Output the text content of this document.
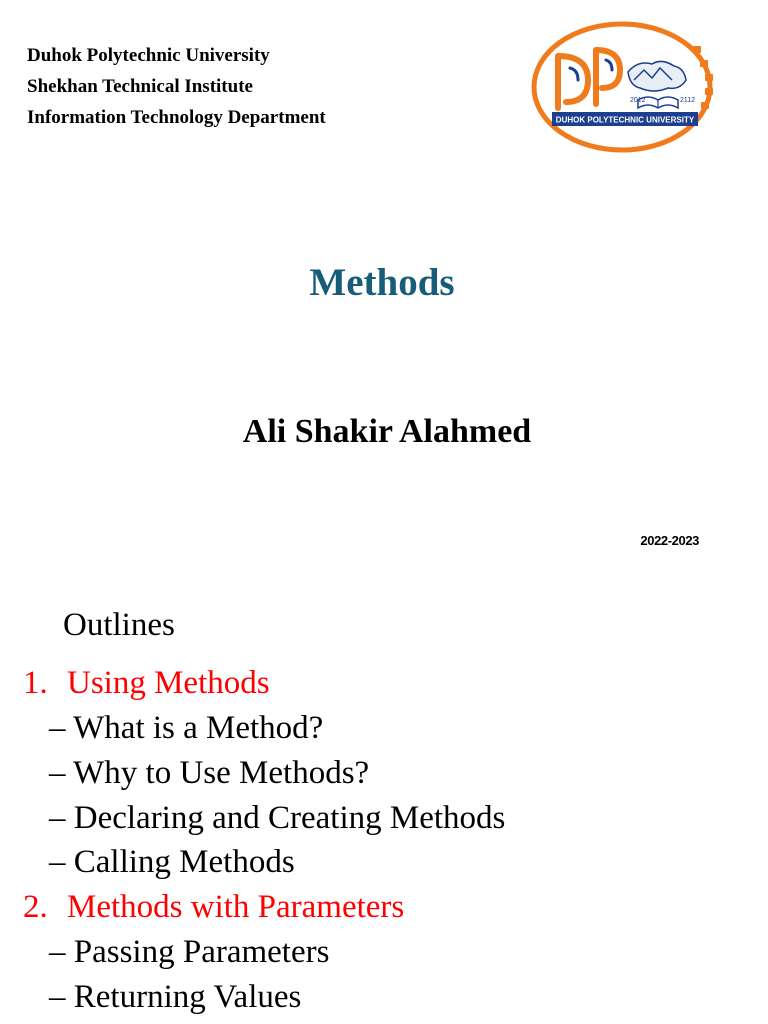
Duhok Polytechnic University
Shekhan Technical Institute
Information Technology Department
2012	2112
DUHOK POLYTECHNIC UNIVERSITY
Methods
Ali Shakir Alahmed
2022-2023
Outlines
1. Using Methods
– What is a Method?
– Why to Use Methods?
– Declaring and Creating Methods
– Calling Methods
2. Methods with Parameters
– Passing Parameters
– Returning Values
